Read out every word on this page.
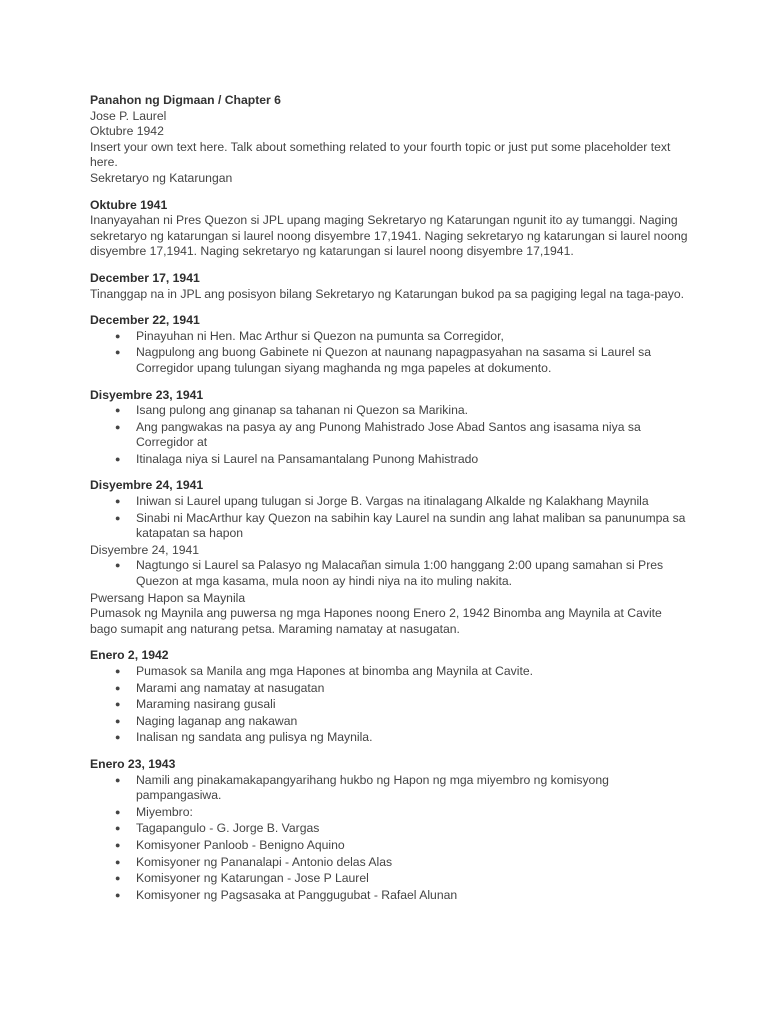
Panahon ng Digmaan / Chapter 6
Jose P. Laurel
Oktubre 1942
Insert your own text here. Talk about something related to your fourth topic or just put some placeholder text here.
Sekretaryo ng Katarungan
Oktubre 1941
Inanyayahan ni Pres Quezon si JPL upang maging Sekretaryo ng Katarungan ngunit ito ay tumanggi. Naging sekretaryo ng katarungan si laurel noong disyembre 17,1941. Naging sekretaryo ng katarungan si laurel noong disyembre 17,1941. Naging sekretaryo ng katarungan si laurel noong disyembre 17,1941.
December 17, 1941
Tinanggap na in JPL ang posisyon bilang Sekretaryo ng Katarungan bukod pa sa pagiging legal na taga-payo.
December 22, 1941
● Pinayuhan ni Hen. Mac Arthur si Quezon na pumunta sa Corregidor,
● Nagpulong ang buong Gabinete ni Quezon at naunang napagpasyahan na sasama si Laurel sa Corregidor upang tulungan siyang maghanda ng mga papeles at dokumento.
Disyembre 23, 1941
● Isang pulong ang ginanap sa tahanan ni Quezon sa Marikina.
● Ang pangwakas na pasya ay ang Punong Mahistrado Jose Abad Santos ang isasama niya sa Corregidor at
● Itinalaga niya si Laurel na Pansamantalang Punong Mahistrado
Disyembre 24, 1941
● Iniwan si Laurel upang tulugan si Jorge B. Vargas na itinalagang Alkalde ng Kalakhang Maynila
● Sinabi ni MacArthur kay Quezon na sabihin kay Laurel na sundin ang lahat maliban sa panunumpa sa katapatan sa hapon
Disyembre 24, 1941
● Nagtungo si Laurel sa Palasyo ng Malacañan simula 1:00 hanggang 2:00 upang samahan si Pres Quezon at mga kasama, mula noon ay hindi niya na ito muling nakita.
Pwersang Hapon sa Maynila
Pumasok ng Maynila ang puwersa ng mga Hapones noong Enero 2, 1942 Binomba ang Maynila at Cavite bago sumapit ang naturang petsa. Maraming namatay at nasugatan.
Enero 2, 1942
● Pumasok sa Manila ang mga Hapones at binomba ang Maynila at Cavite.
● Marami ang namatay at nasugatan
● Maraming nasirang gusali
● Naging laganap ang nakawan
● Inalisan ng sandata ang pulisya ng Maynila.
Enero 23, 1943
● Namili ang pinakamakapangyarihang hukbo ng Hapon ng mga miyembro ng komisyong pampangasiwa.
● Miyembro:
● Tagapangulo - G. Jorge B. Vargas
● Komisyoner Panloob - Benigno Aquino
● Komisyoner ng Pananalapi - Antonio delas Alas
● Komisyoner ng Katarungan - Jose P Laurel
● Komisyoner ng Pagsasaka at Panggugubat - Rafael Alunan
